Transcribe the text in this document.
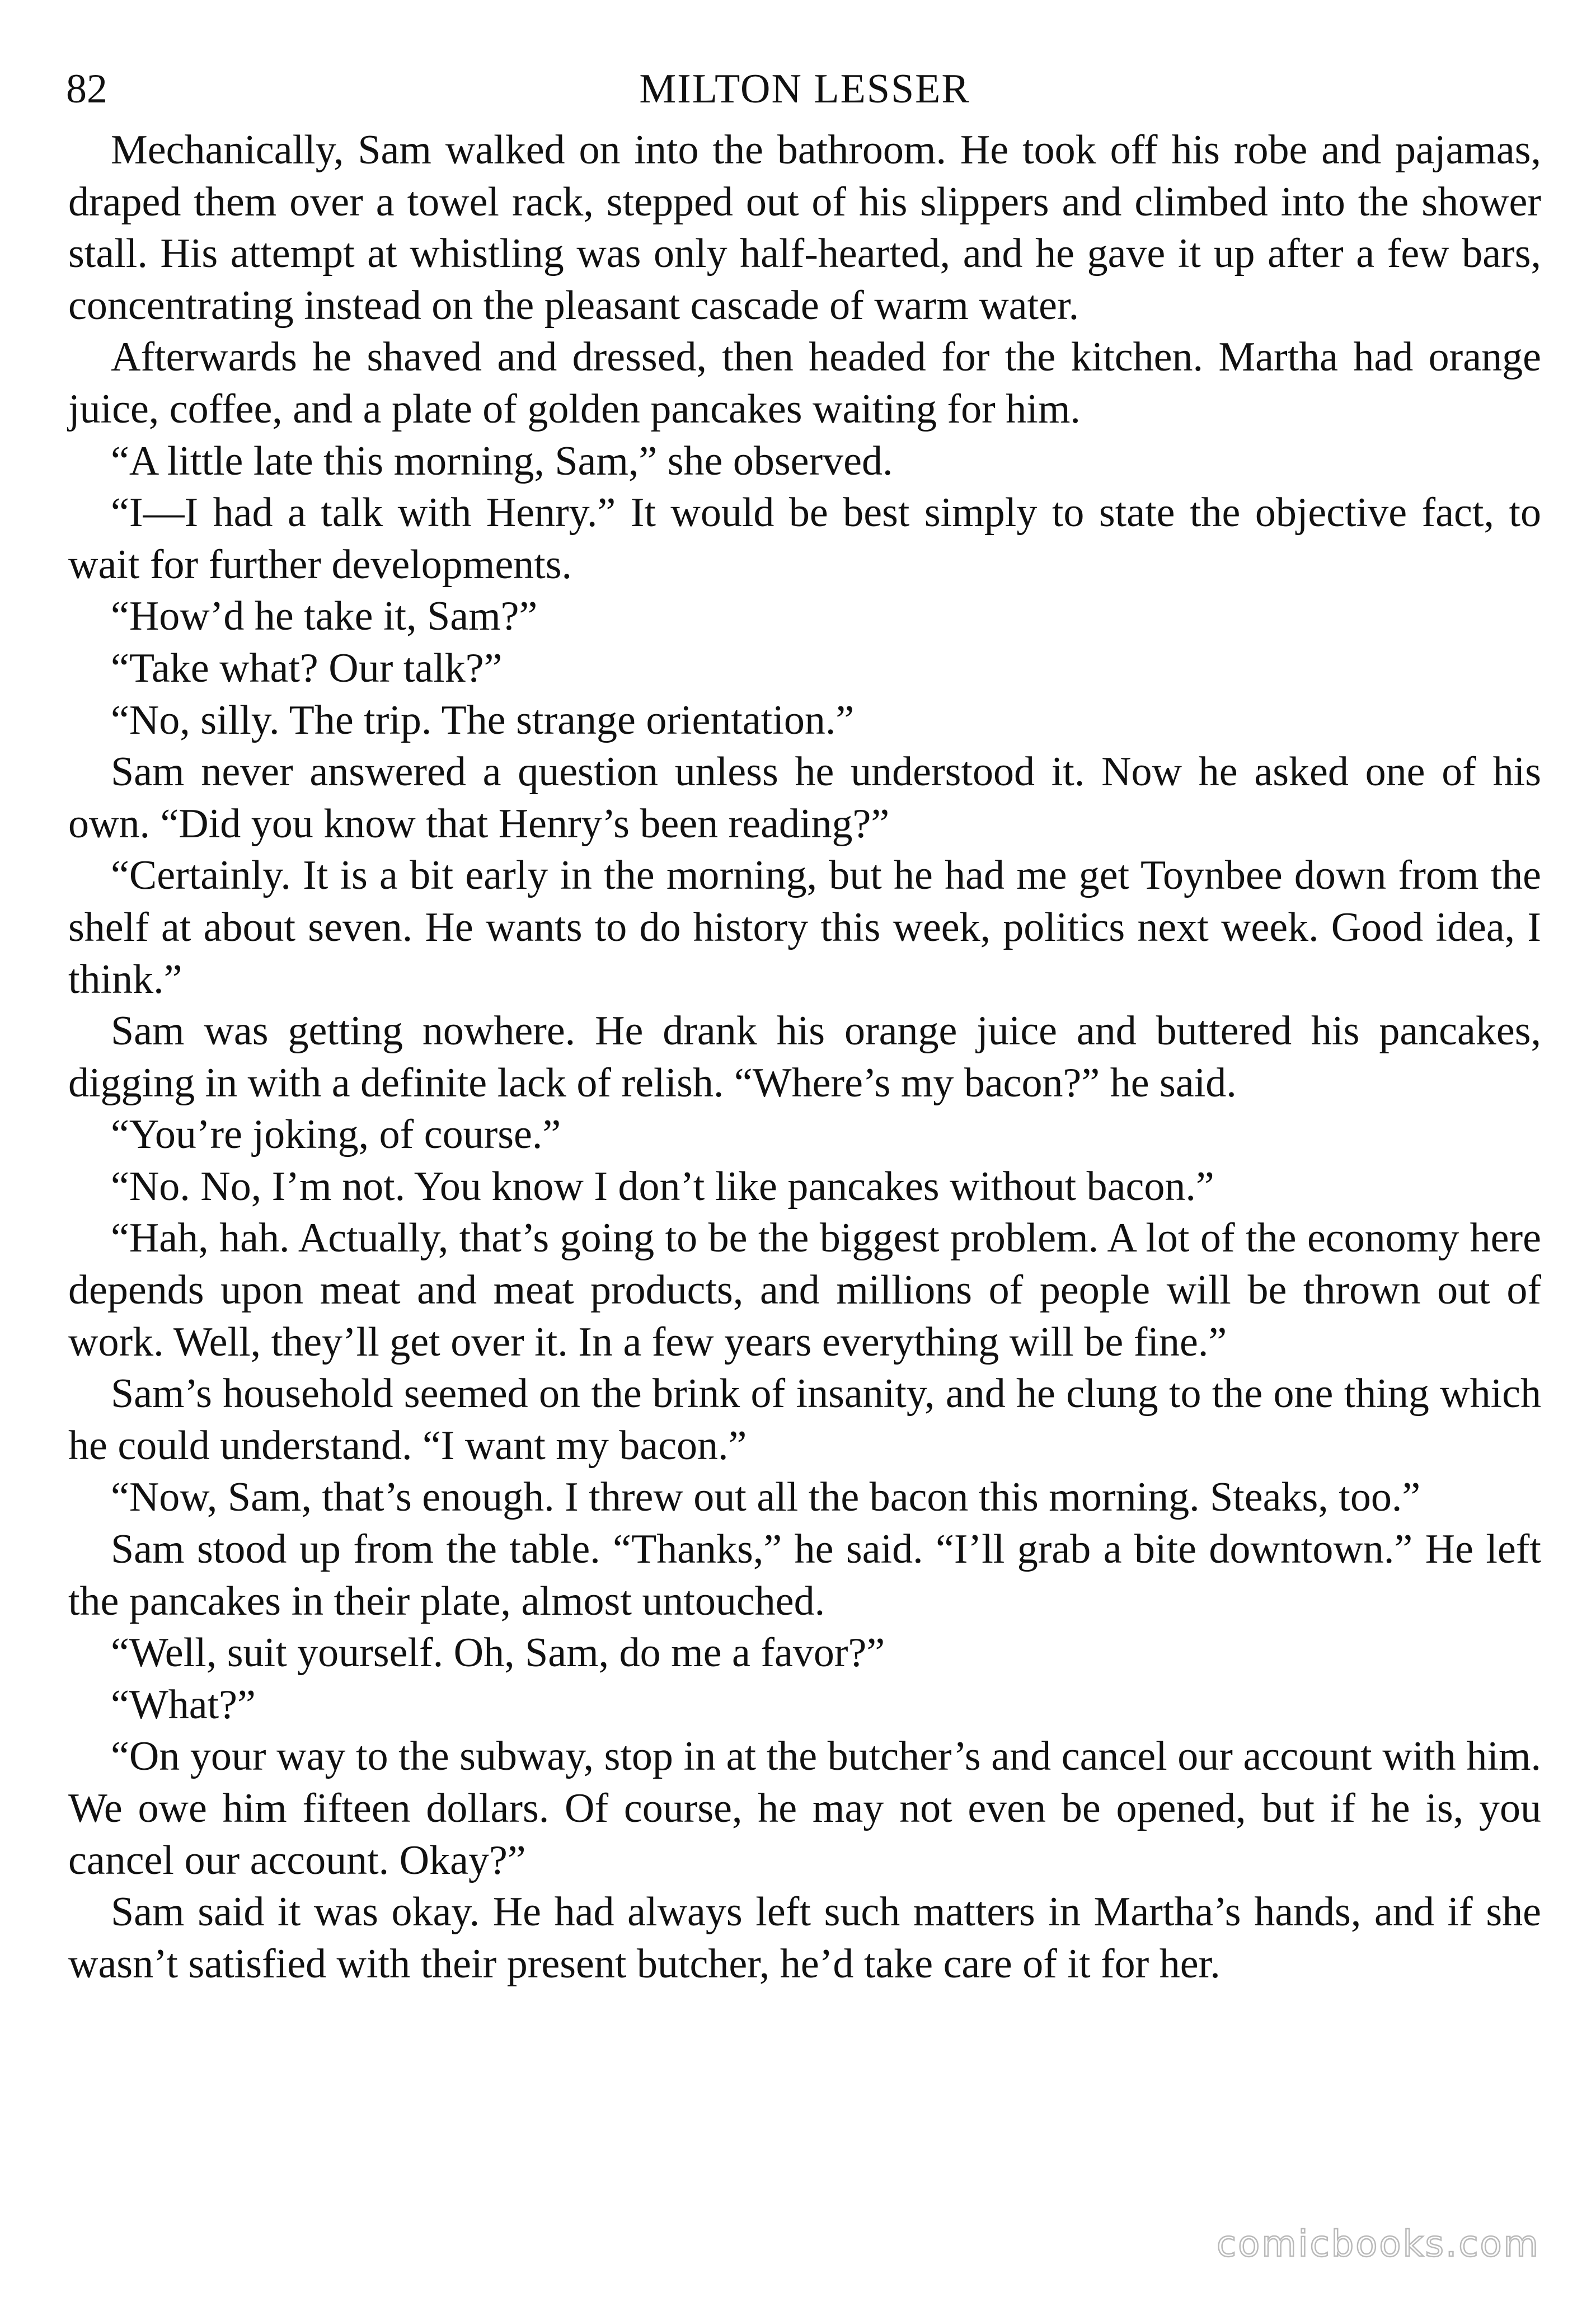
82	MILTON LESSER

Mechanically, Sam walked on into the bathroom. He took off his robe and pajamas, draped them over a towel rack, stepped out of his slippers and climbed into the shower stall. His attempt at whistling was only half-hearted, and he gave it up after a few bars, concentrating instead on the pleasant cascade of warm water.

Afterwards he shaved and dressed, then headed for the kitchen. Martha had orange juice, coffee, and a plate of golden pancakes waiting for him.

“A little late this morning, Sam,” she observed.

“I—I had a talk with Henry.” It would be best simply to state the objective fact, to wait for further developments.

“How’d he take it, Sam?”

“Take what? Our talk?”

“No, silly. The trip. The strange orientation.”

Sam never answered a question unless he understood it. Now he asked one of his own. “Did you know that Henry’s been reading?”

“Certainly. It is a bit early in the morning, but he had me get Toynbee down from the shelf at about seven. He wants to do history this week, politics next week. Good idea, I think.”

Sam was getting nowhere. He drank his orange juice and buttered his pancakes, digging in with a definite lack of relish. “Where’s my bacon?” he said.

“You’re joking, of course.”

“No. No, I’m not. You know I don’t like pancakes without bacon.”

“Hah, hah. Actually, that’s going to be the biggest problem. A lot of the economy here depends upon meat and meat products, and millions of people will be thrown out of work. Well, they’ll get over it. In a few years everything will be fine.”

Sam’s household seemed on the brink of insanity, and he clung to the one thing which he could understand. “I want my bacon.”

“Now, Sam, that’s enough. I threw out all the bacon this morning. Steaks, too.”

Sam stood up from the table. “Thanks,” he said. “I’ll grab a bite downtown.” He left the pancakes in their plate, almost untouched.

“Well, suit yourself. Oh, Sam, do me a favor?”

“What?”

“On your way to the subway, stop in at the butcher’s and cancel our account with him. We owe him fifteen dollars. Of course, he may not even be opened, but if he is, you cancel our account. Okay?”

Sam said it was okay. He had always left such matters in Martha’s hands, and if she wasn’t satisfied with their present butcher, he’d take care of it for her.

comicbooks.com
